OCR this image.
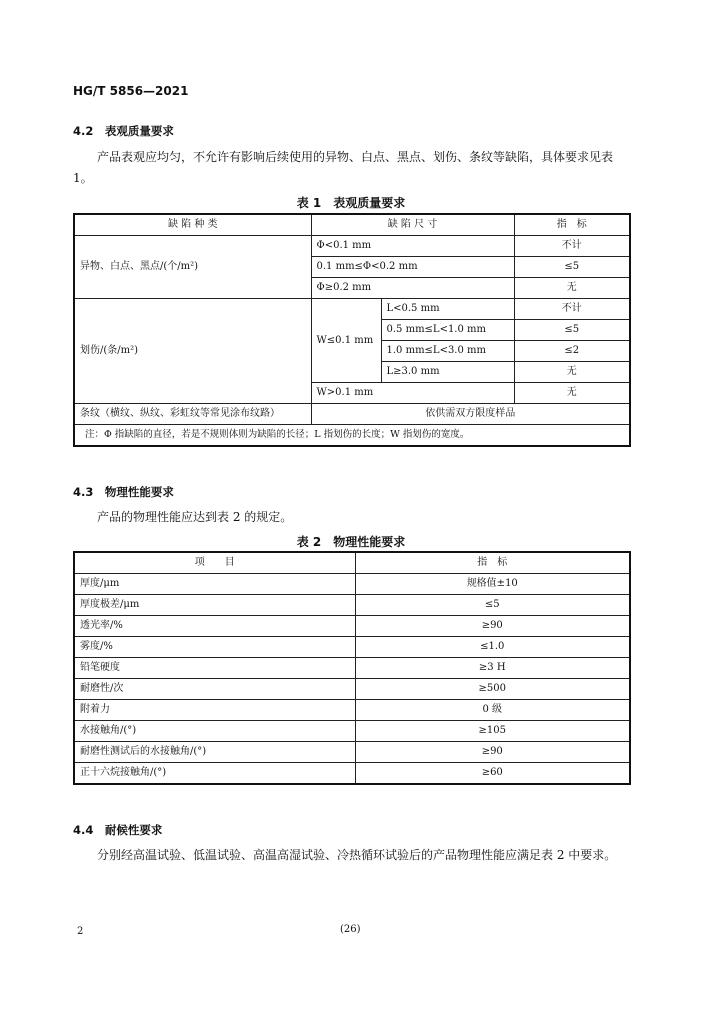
HG/T 5856—2021
4.2　表观质量要求
产品表观应均匀，不允许有影响后续使用的异物、白点、黑点、划伤、条纹等缺陷，具体要求见表 1。
表 1　表观质量要求
缺 陷 种 类	缺 陷 尺 寸		指　标
异物、白点、黑点/(个/m²)	Φ<0.1 mm		不计
	0.1 mm≤Φ<0.2 mm		≤5
	Φ≥0.2 mm		无
划伤/(条/m²)	W≤0.1 mm	L<0.5 mm	不计
		0.5 mm≤L<1.0 mm	≤5
		1.0 mm≤L<3.0 mm	≤2
		L≥3.0 mm	无
	W>0.1 mm		无
条纹（横纹、纵纹、彩虹纹等常见涂布纹路）	依供需双方限度样品		
注：Φ 指缺陷的直径，若是不规则体则为缺陷的长径；L 指划伤的长度；W 指划伤的宽度。			
4.3　物理性能要求
产品的物理性能应达到表 2 的规定。
表 2　物理性能要求
项　　目	指　标
厚度/μm	规格值±10
厚度极差/μm	≤5
透光率/%	≥90
雾度/%	≤1.0
铅笔硬度	≥3 H
耐磨性/次	≥500
附着力	0 级
水接触角/(°)	≥105
耐磨性测试后的水接触角/(°)	≥90
正十六烷接触角/(°)	≥60
4.4　耐候性要求
分别经高温试验、低温试验、高温高湿试验、冷热循环试验后的产品物理性能应满足表 2 中要求。
2	(26)
